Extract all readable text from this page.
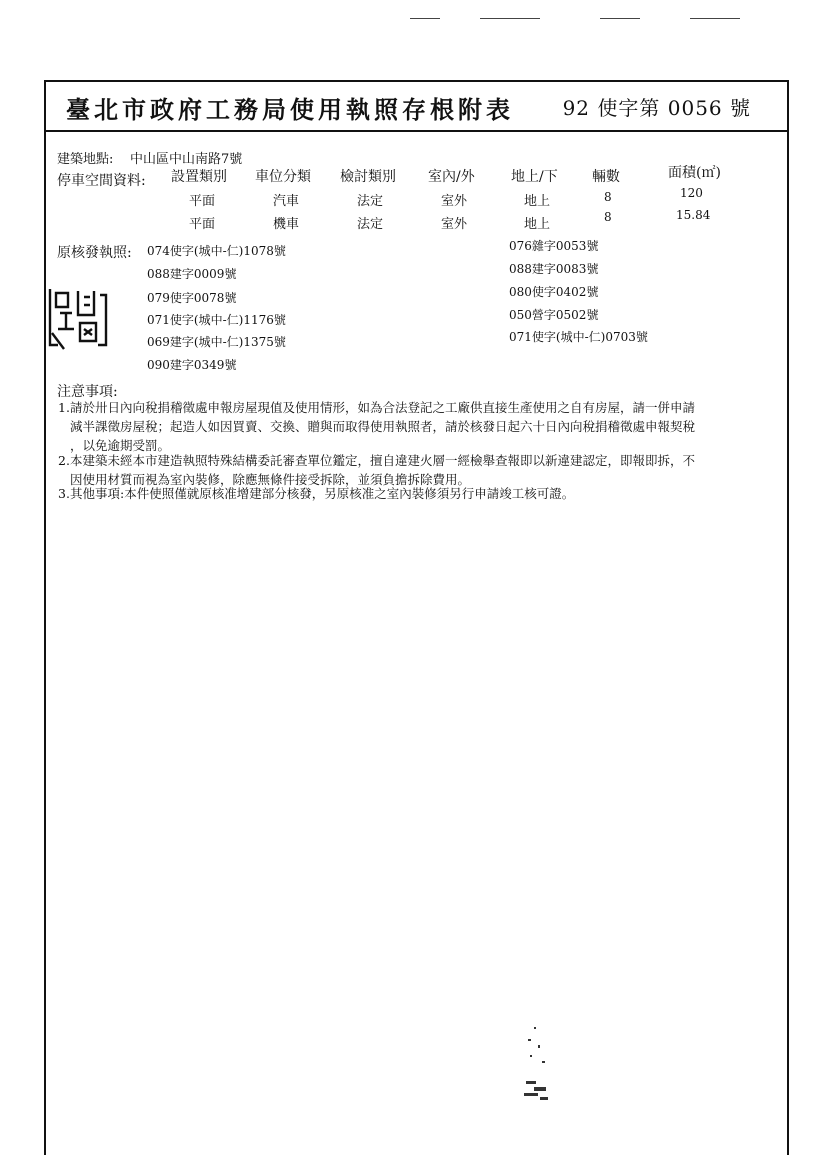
臺北市政府工務局使用執照存根附表 92 使字第 0056 號
建築地點: 中山區中山南路7號
停車空間資料: 設置類別 車位分類 檢討類別 室內/外	地上/下 輛數	面積(㎡)
平面	汽車	法定	室外	地上	8	120
平面	機車	法定	室外	地上	8	15.84
原核發執照: 074使字(城中-仁)1078號
088建字0009號
079使字0078號
071使字(城中-仁)1176號
069建字(城中-仁)1375號
090建字0349號
076雜字0053號
088建字0083號
080使字0402號
050營字0502號
071使字(城中-仁)0703號
注意事項:
1. 請於卅日內向稅捐稽徵處申報房屋現值及使用情形，如為合法登記之工廠供直接生產使用之自有房屋，請一併申請
減半課徵房屋稅；起造人如因買賣、交換、贈與而取得使用執照者，請於核發日起六十日內向稅捐稽徵處申報契稅
，以免逾期受罰。
2. 本建築未經本市建造執照特殊結構委託審查單位鑑定，擅自違建火層一經檢舉查報即以新違建認定，即報即拆，不
因使用材質而視為室內裝修，除應無條件接受拆除，並須負擔拆除費用。
3. 其他事項:本件使照僅就原核准增建部分核發，另原核准之室內裝修須另行申請竣工核可證。
